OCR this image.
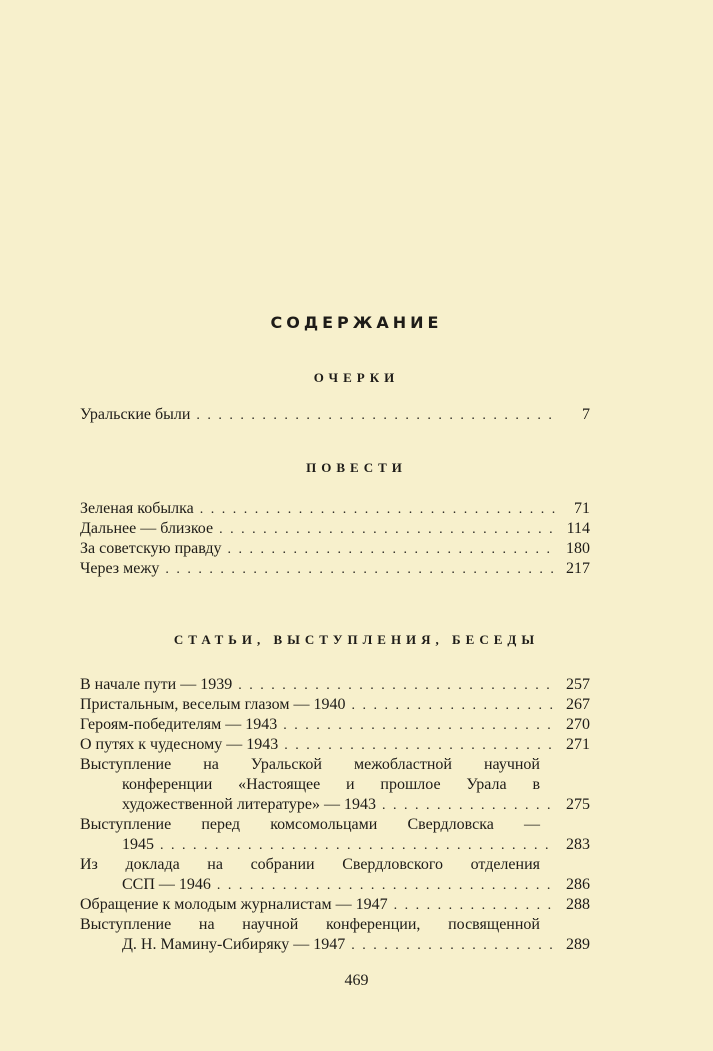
СОДЕРЖАНИЕ
ОЧЕРКИ
Уральские были . . .	7
ПОВЕСТИ
Зеленая кобылка . . .	71
Дальнее — близкое . . .	114
За советскую правду . . .	180
Через межу . . .	217
СТАТЬИ, ВЫСТУПЛЕНИЯ, БЕСЕДЫ
В начале пути — 1939 . . .	257
Пристальным, веселым глазом — 1940 . . .	267
Героям-победителям — 1943 . . .	270
О путях к чудесному — 1943 . . .	271
Выступление на Уральской межобластной научной
конференции «Настоящее и прошлое Урала в
художественной литературе» — 1943 . . .	275
Выступление перед комсомольцами Свердловска —
1945 . . .	283
Из доклада на собрании Свердловского отделения
ССП — 1946 . . .	286
Обращение к молодым журналистам — 1947 . . .	288
Выступление на научной конференции, посвященной
Д. Н. Мамину-Сибиряку — 1947 . . .	289

469
